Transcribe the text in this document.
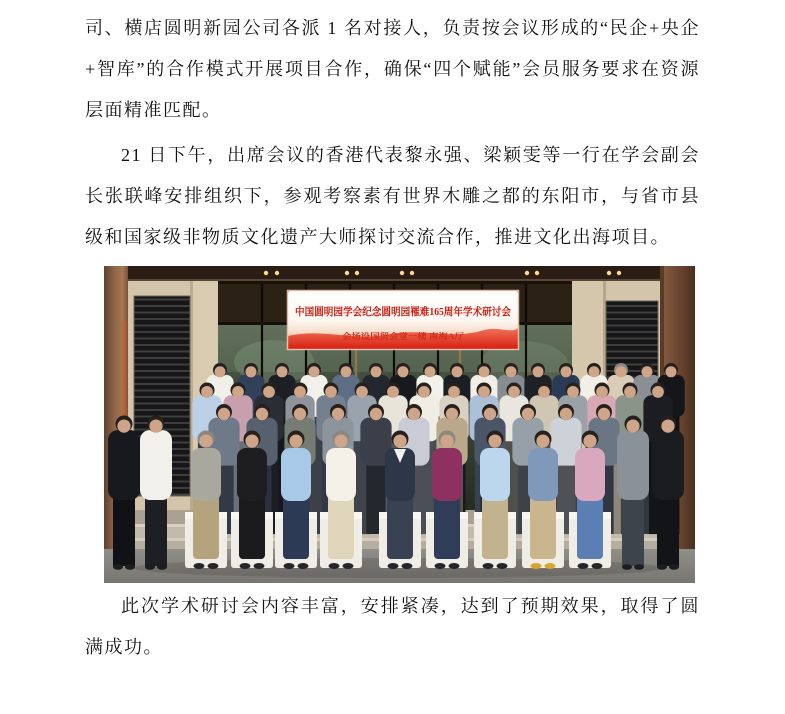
司、横店圆明新园公司各派 1 名对接人，负责按会议形成的“民企+央企+智库”的合作模式开展项目合作，确保“四个赋能”会员服务要求在资源层面精准匹配。

21 日下午，出席会议的香港代表黎永强、梁颖雯等一行在学会副会长张联峰安排组织下，参观考察素有世界木雕之都的东阳市，与省市县级和国家级非物质文化遗产大师探讨交流合作，推进文化出海项目。

中国圆明园学会纪念圆明园罹难165周年学术研讨会
会场设国贸会堂一楼 南海A厅

此次学术研讨会内容丰富，安排紧凑，达到了预期效果，取得了圆满成功。
